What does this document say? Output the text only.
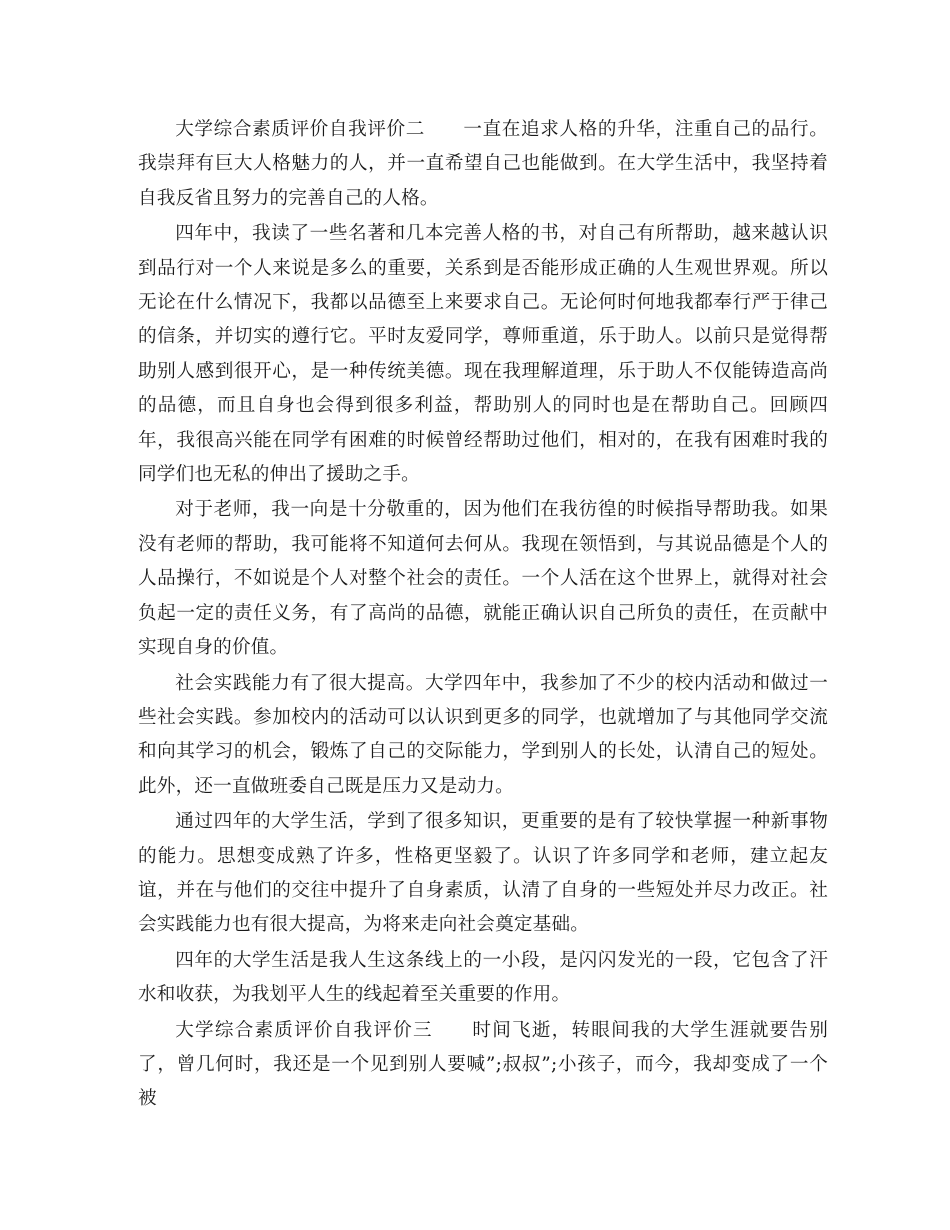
大学综合素质评价自我评价二　　一直在追求人格的升华，注重自己的品行。我崇拜有巨大人格魅力的人，并一直希望自己也能做到。在大学生活中，我坚持着自我反省且努力的完善自己的人格。

四年中，我读了一些名著和几本完善人格的书，对自己有所帮助，越来越认识到品行对一个人来说是多么的重要，关系到是否能形成正确的人生观世界观。所以无论在什么情况下，我都以品德至上来要求自己。无论何时何地我都奉行严于律己的信条，并切实的遵行它。平时友爱同学，尊师重道，乐于助人。以前只是觉得帮助别人感到很开心，是一种传统美德。现在我理解道理，乐于助人不仅能铸造高尚的品德，而且自身也会得到很多利益，帮助别人的同时也是在帮助自己。回顾四年，我很高兴能在同学有困难的时候曾经帮助过他们，相对的，在我有困难时我的同学们也无私的伸出了援助之手。

对于老师，我一向是十分敬重的，因为他们在我彷徨的时候指导帮助我。如果没有老师的帮助，我可能将不知道何去何从。我现在领悟到，与其说品德是个人的人品操行，不如说是个人对整个社会的责任。一个人活在这个世界上，就得对社会负起一定的责任义务，有了高尚的品德，就能正确认识自己所负的责任，在贡献中实现自身的价值。

社会实践能力有了很大提高。大学四年中，我参加了不少的校内活动和做过一些社会实践。参加校内的活动可以认识到更多的同学，也就增加了与其他同学交流和向其学习的机会，锻炼了自己的交际能力，学到别人的长处，认清自己的短处。此外，还一直做班委自己既是压力又是动力。

通过四年的大学生活，学到了很多知识，更重要的是有了较快掌握一种新事物的能力。思想变成熟了许多，性格更坚毅了。认识了许多同学和老师，建立起友谊，并在与他们的交往中提升了自身素质，认清了自身的一些短处并尽力改正。社会实践能力也有很大提高，为将来走向社会奠定基础。

四年的大学生活是我人生这条线上的一小段，是闪闪发光的一段，它包含了汗水和收获，为我划平人生的线起着至关重要的作用。

大学综合素质评价自我评价三　　时间飞逝，转眼间我的大学生涯就要告别了，曾几何时，我还是一个见到别人要喊”;叔叔”;小孩子，而今，我却变成了一个被
